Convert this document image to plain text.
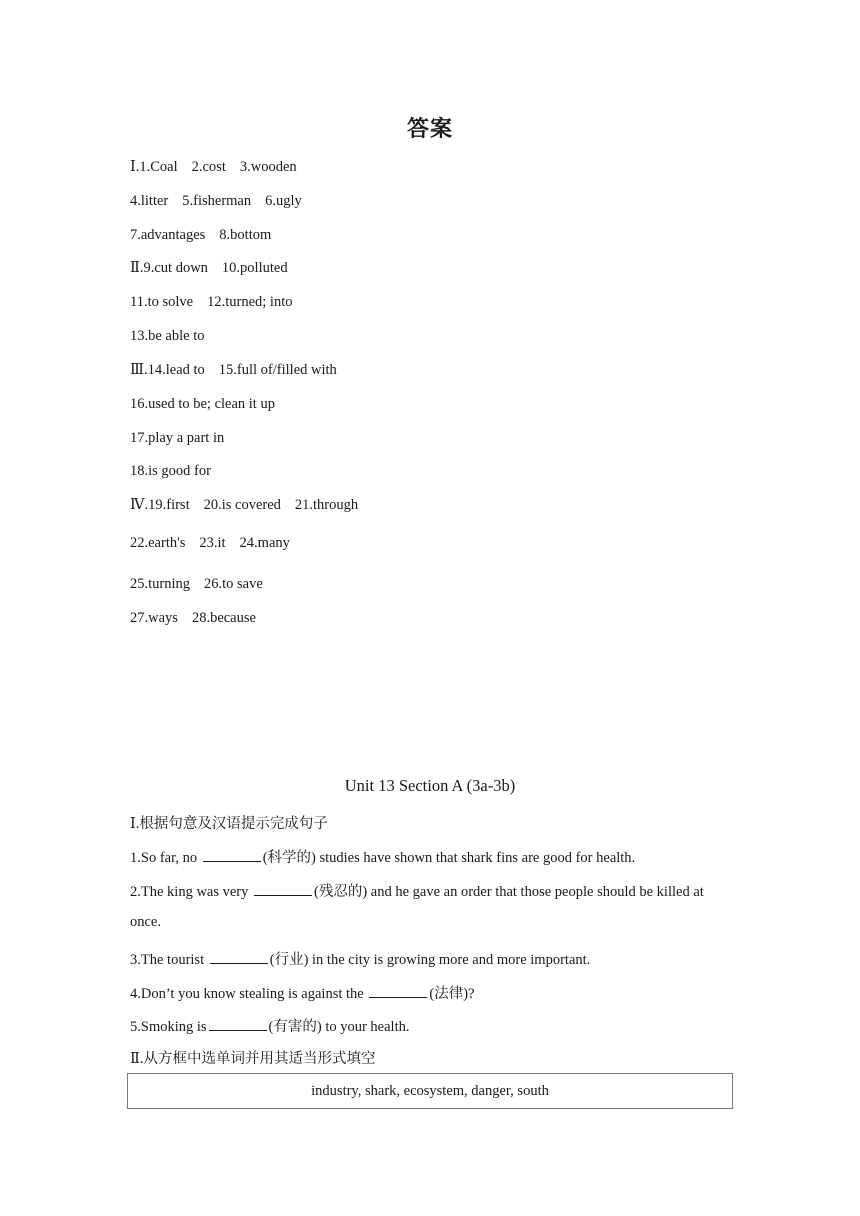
答案
Ⅰ.1.Coal 2.cost 3.wooden
4.litter 5.fisherman 6.ugly
7.advantages 8.bottom
Ⅱ.9.cut down 10.polluted
11.to solve 12.turned; into
13.be able to
Ⅲ.14.lead to 15.full of/filled with
16.used to be; clean it up
17.play a part in
18.is good for
Ⅳ.19.first 20.is covered 21.through
22.earth's 23.it 24.many
25.turning 26.to save
27.ways 28.because
Unit 13 Section A (3a-3b)
Ⅰ.根据句意及汉语提示完成句子
1.So far, no	(科学的) studies have shown that shark fins are good for health.
2.The king was very	(残忍的) and he gave an order that those people should be killed at
once.
3.The tourist	(行业) in the city is growing more and more important.
4.Don’t you know stealing is against the	(法律)?
5.Smoking is	(有害的) to your health.
Ⅱ.从方框中选单词并用其适当形式填空
industry, shark, ecosystem, danger, south
